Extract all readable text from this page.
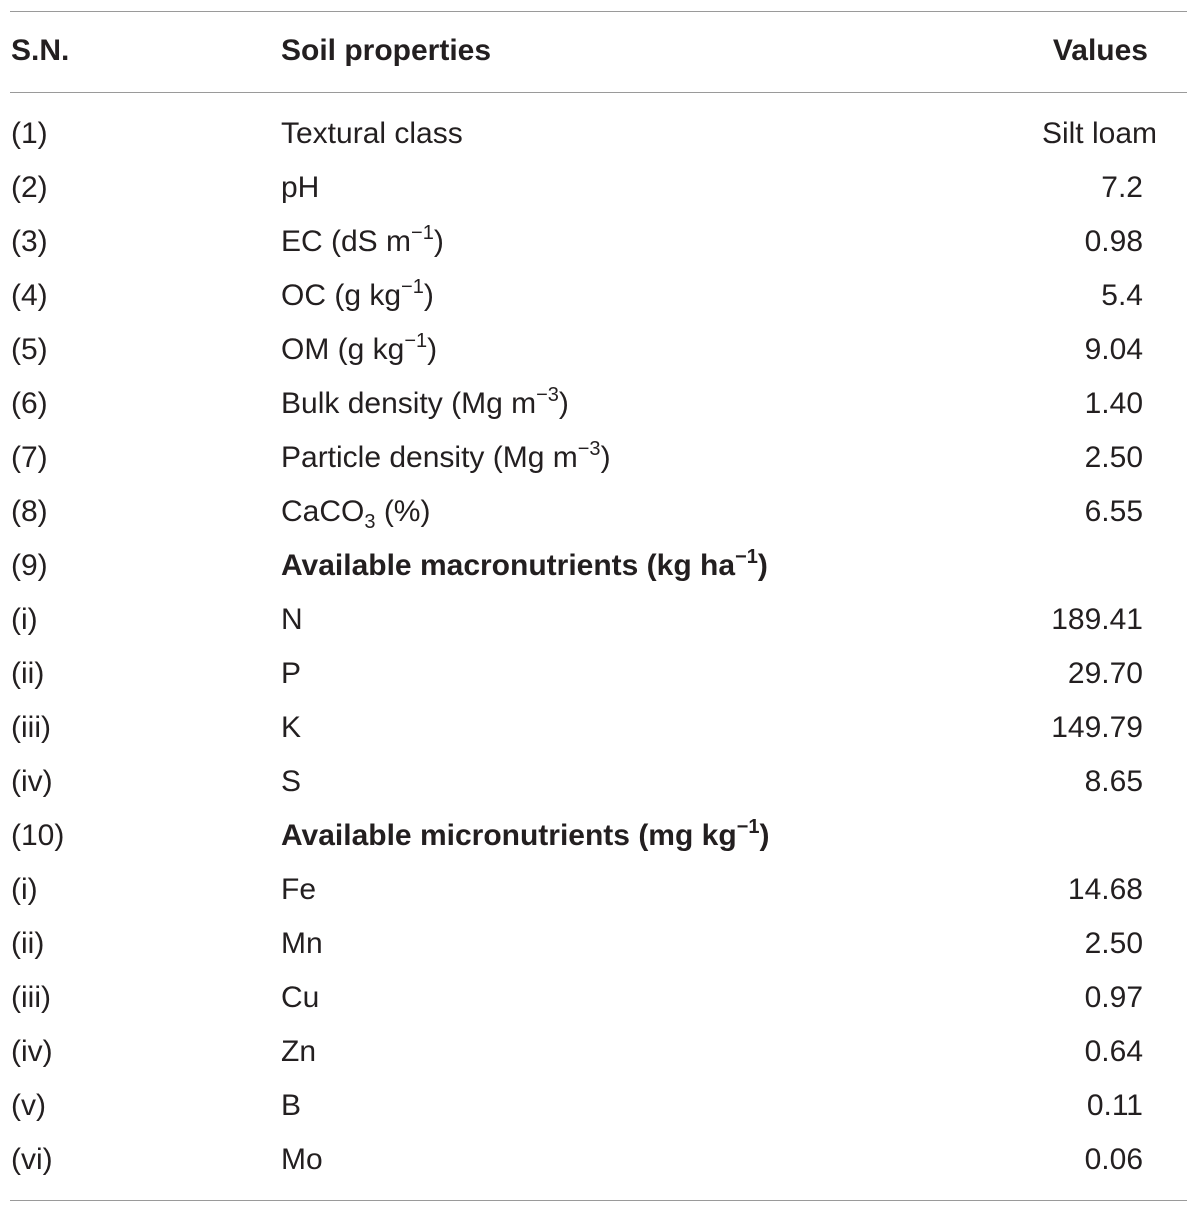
S.N.	Soil properties	Values
(1)	Textural class	Silt loam
(2)	pH	7.2
(3)	EC (dS $m^{-1}$)	0.98
(4)	OC (g $kg^{-1}$)	5.4
(5)	OM (g $kg^{-1}$)	9.04
(6)	Bulk density (Mg $m^{-3}$)	1.40
(7)	Particle density (Mg $m^{-3}$)	2.50
(8)	CaCO$_3$ (%)	6.55
(9)	Available macronutrients (kg $ha^{-1}$)
(i)	N	189.41
(ii)	P	29.70
(iii)	K	149.79
(iv)	S	8.65
(10)	Available micronutrients (mg $kg^{-1}$)
(i)	Fe	14.68
(ii)	Mn	2.50
(iii)	Cu	0.97
(iv)	Zn	0.64
(v)	B	0.11
(vi)	Mo	0.06
